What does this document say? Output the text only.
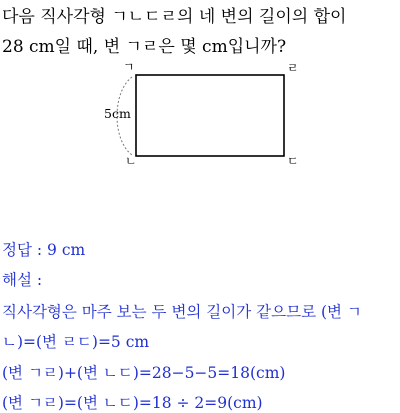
다음 직사각형 ㄱㄴㄷㄹ의 네 변의 길이의 합이
28 cm일 때, 변 ㄱㄹ은 몇 cm입니까?
ㄱ	ㄹ
ㄴ	ㄷ
5cm
정답 : 9 cm
해설 :
직사각형은 마주 보는 두 변의 길이가 같으므로 (변 ㄱ
ㄴ)=(변 ㄹㄷ)=5 cm
(변 ㄱㄹ)+(변 ㄴㄷ)=28−5−5=18(cm)
(변 ㄱㄹ)=(변 ㄴㄷ)=18 ÷ 2=9(cm)
